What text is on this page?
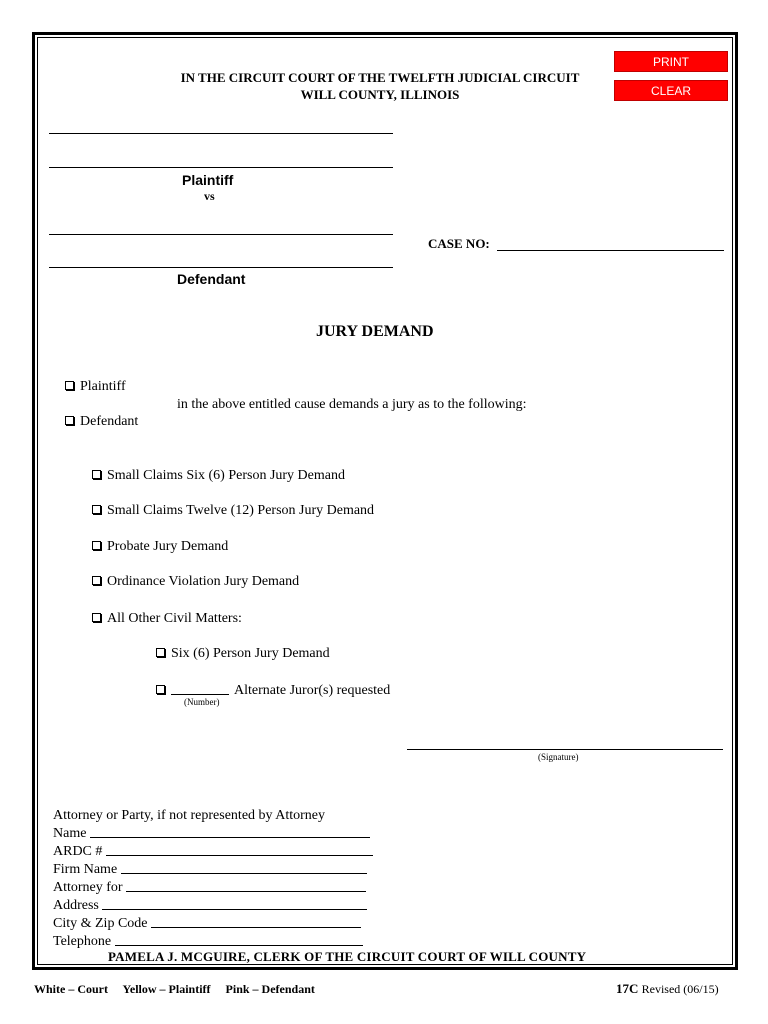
IN THE CIRCUIT COURT OF THE TWELFTH JUDICIAL CIRCUIT
WILL COUNTY, ILLINOIS
PRINT
CLEAR
Plaintiff
vs
Defendant
CASE NO:
JURY DEMAND
Plaintiff
Defendant
in the above entitled cause demands a jury as to the following:
Small Claims Six (6) Person Jury Demand
Small Claims Twelve (12) Person Jury Demand
Probate Jury Demand
Ordinance Violation Jury Demand
All Other Civil Matters:
Six (6) Person Jury Demand
Alternate Juror(s) requested
(Number)
(Signature)
Attorney or Party, if not represented by Attorney
Name
ARDC #
Firm Name
Attorney for
Address
City & Zip Code
Telephone
PAMELA J. MCGUIRE, CLERK OF THE CIRCUIT COURT OF WILL COUNTY
White – Court     Yellow – Plaintiff     Pink – Defendant	17C Revised (06/15)
